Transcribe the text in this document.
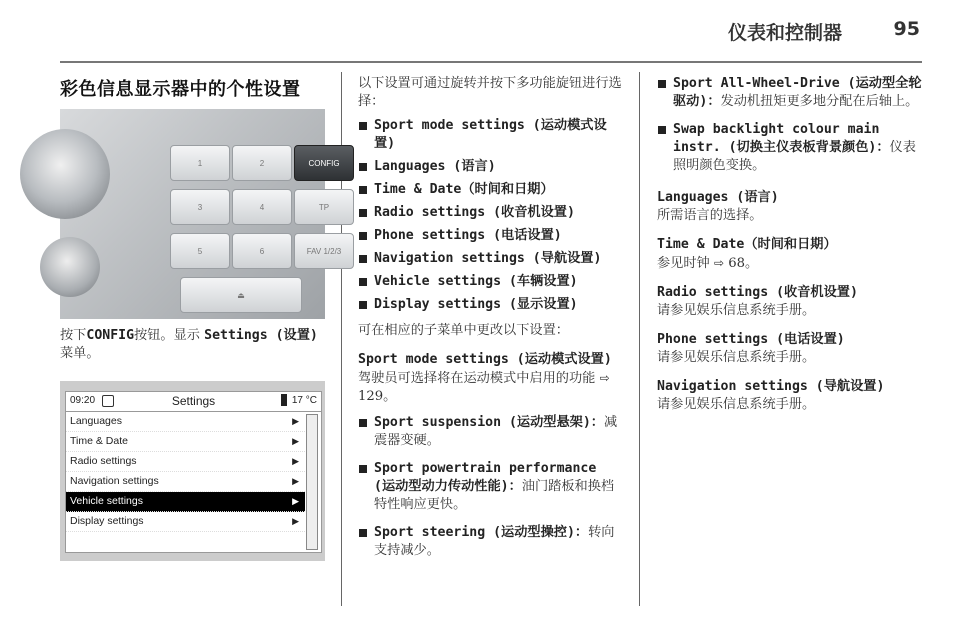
仪表和控制器	95
彩色信息显示器中的个性设置
1	2	CONFIG
3	4	TP
5	6	FAV 1/2/3
⏏

按下CONFIG按钮。显示 Settings (设置) 菜单。

09:20	Settings	17 °C
Languages	▶
Time & Date	▶
Radio settings	▶
Navigation settings	▶
Vehicle settings	▶
Display settings	▶

以下设置可通过旋转并按下多功能旋钮进行选择：

Sport mode settings (运动模式设置)
Languages (语言)
Time & Date（时间和日期）
Radio settings (收音机设置)
Phone settings (电话设置)
Navigation settings (导航设置)
Vehicle settings (车辆设置)
Display settings (显示设置)

可在相应的子菜单中更改以下设置：

Sport mode settings (运动模式设置)

驾驶员可选择将在运动模式中启用的功能 ⇨ 129。

Sport suspension (运动型悬架)：减震器变硬。
Sport powertrain performance (运动型动力传动性能)：油门踏板和换档特性响应更快。
Sport steering (运动型操控)：转向支持减少。
Sport All-Wheel-Drive (运动型全轮驱动)：发动机扭矩更多地分配在后轴上。
Swap backlight colour main instr. (切换主仪表板背景颜色)：仪表照明颜色变换。
Languages (语言)

所需语言的选择。

Time & Date（时间和日期）

参见时钟 ⇨ 68。

Radio settings (收音机设置)

请参见娱乐信息系统手册。

Phone settings (电话设置)

请参见娱乐信息系统手册。

Navigation settings (导航设置)

请参见娱乐信息系统手册。
